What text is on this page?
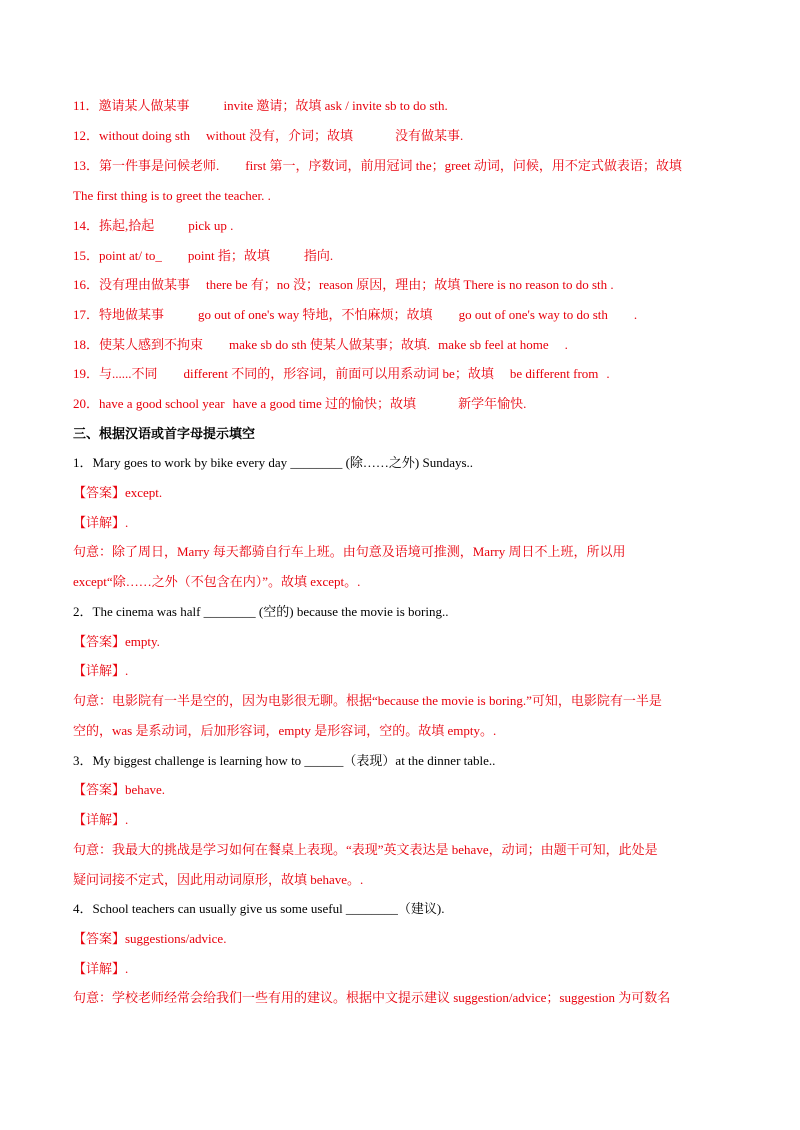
11．邀请某人做某事	invite 邀请；故填 ask / invite sb to do sth.
12．without doing sth without 没有，介词；故填	没有做某事.
13．第一件事是问候老师. first 第一，序数词，前用冠词 the；greet 动词，问候，用不定式做表语；故填
The first thing is to greet the teacher. .
14．拣起,拾起	pick up .
15．point at/ to_ point 指；故填	指向.
16．没有理由做某事 there be 有；no 没；reason 原因，理由；故填 There is no reason to do sth .
17．特地做某事	go out of one's way 特地，不怕麻烦；故填 go out of one's way to do sth .
18．使某人感到不拘束 make sb do sth 使某人做某事；故填. make sb feel at home .
19．与......不同 different 不同的，形容词，前面可以用系动词 be；故填 be different from .
20．have a good school year have a good time 过的愉快；故填	新学年愉快.
三、根据汉语或首字母提示填空
1．Mary goes to work by bike every day ________ (除……之外) Sundays..
【答案】except.
【详解】.
句意：除了周日，Marry 每天都骑自行车上班。由句意及语境可推测，Marry 周日不上班，所以用
except“除……之外（不包含在内）”。故填 except。.
2．The cinema was half ________ (空的) because the movie is boring..
【答案】empty.
【详解】.
句意：电影院有一半是空的，因为电影很无聊。根据“because the movie is boring.”可知，电影院有一半是
空的，was 是系动词，后加形容词，empty 是形容词，空的。故填 empty。.
3．My biggest challenge is learning how to ______（表现）at the dinner table..
【答案】behave.
【详解】.
句意：我最大的挑战是学习如何在餐桌上表现。“表现”英文表达是 behave，动词；由题干可知，此处是
疑问词接不定式，因此用动词原形，故填 behave。.
4．School teachers can usually give us some useful ________（建议).
【答案】suggestions/advice.
【详解】.
句意：学校老师经常会给我们一些有用的建议。根据中文提示建议 suggestion/advice；suggestion 为可数名
